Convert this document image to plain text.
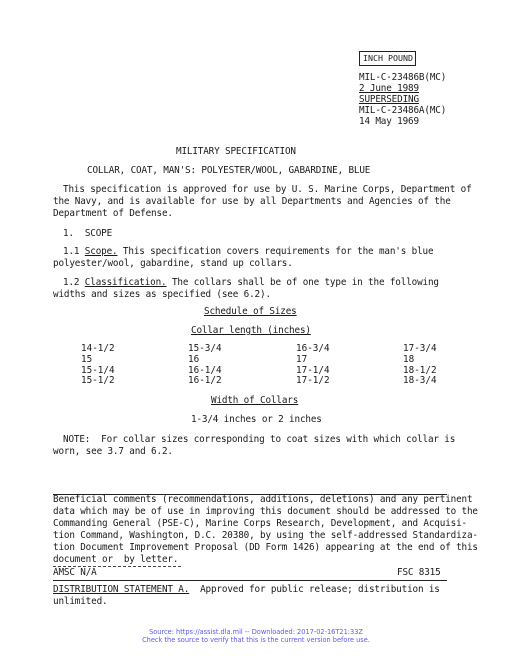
INCH POUND
MIL-C-23486B(MC)
2 June 1989
SUPERSEDING
MIL-C-23486A(MC)
14 May 1969
MILITARY SPECIFICATION
COLLAR, COAT, MAN'S: POLYESTER/WOOL, GABARDINE, BLUE
This specification is approved for use by U. S. Marine Corps, Department of
the Navy, and is available for use by all Departments and Agencies of the
Department of Defense.
1. SCOPE
1.1 Scope. This specification covers requirements for the man's blue
polyester/wool, gabardine, stand up collars.
1.2 Classification. The collars shall be of one type in the following
widths and sizes as specified (see 6.2).
Schedule of Sizes
Collar length (inches)
14-1/2
15
15-1/4
15-1/2
15-3/4
16
16-1/4
16-1/2
16-3/4
17
17-1/4
17-1/2
17-3/4
18
18-1/2
18-3/4
Width of Collars
1-3/4 inches or 2 inches
NOTE:  For collar sizes corresponding to coat sizes with which collar is
worn, see 3.7 and 6.2.
Beneficial comments (recommendations, additions, deletions) and any pertinent
data which may be of use in improving this document should be addressed to the
Commanding General (PSE-C), Marine Corps Research, Development, and Acquisi-
tion Command, Washington, D.C. 20380, by using the self-addressed Standardiza-
tion Document Improvement Proposal (DD Form 1426) appearing at the end of this
document or  by letter.
AMSC N/A	FSC 8315
DISTRIBUTION STATEMENT A.  Approved for public release; distribution is
unlimited.
Source: https://assist.dla.mil -- Downloaded: 2017-02-16T21:33Z
Check the source to verify that this is the current version before use.
